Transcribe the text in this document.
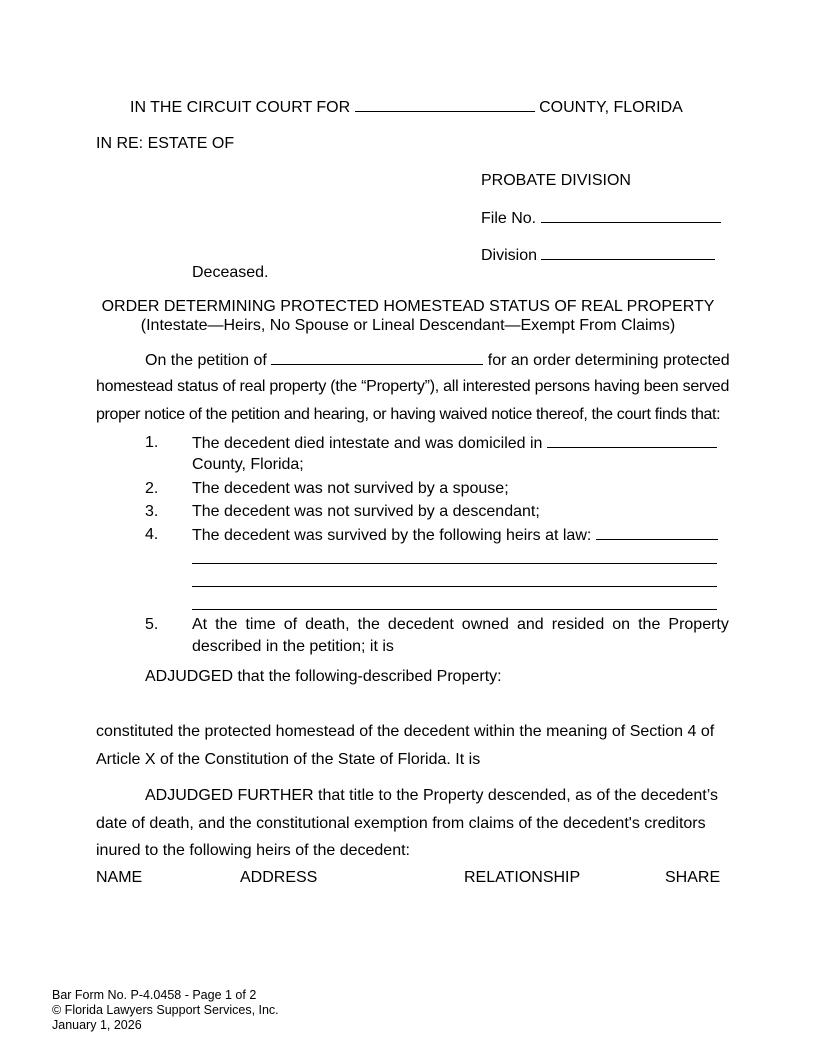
IN THE CIRCUIT COURT FOR	COUNTY, FLORIDA
IN RE: ESTATE OF
PROBATE DIVISION
File No.
Division
Deceased.
ORDER DETERMINING PROTECTED HOMESTEAD STATUS OF REAL PROPERTY
(Intestate—Heirs, No Spouse or Lineal Descendant—Exempt From Claims)
On the petition of	for an order determining protected
homestead status of real property (the “Property”), all interested persons having been served
proper notice of the petition and hearing, or having waived notice thereof, the court finds that:
1. The decedent died intestate and was domiciled in
County, Florida;
2. The decedent was not survived by a spouse;
3. The decedent was not survived by a descendant;
4. The decedent was survived by the following heirs at law:
5. At the time of death, the decedent owned and resided on the Property
described in the petition; it is
ADJUDGED that the following-described Property:
constituted the protected homestead of the decedent within the meaning of Section 4 of
Article X of the Constitution of the State of Florida. It is
ADJUDGED FURTHER that title to the Property descended, as of the decedent’s
date of death, and the constitutional exemption from claims of the decedent's creditors
inured to the following heirs of the decedent:
NAME	ADDRESS	RELATIONSHIP	SHARE
Bar Form No. P-4.0458 - Page 1 of 2
© Florida Lawyers Support Services, Inc.
January 1, 2026
